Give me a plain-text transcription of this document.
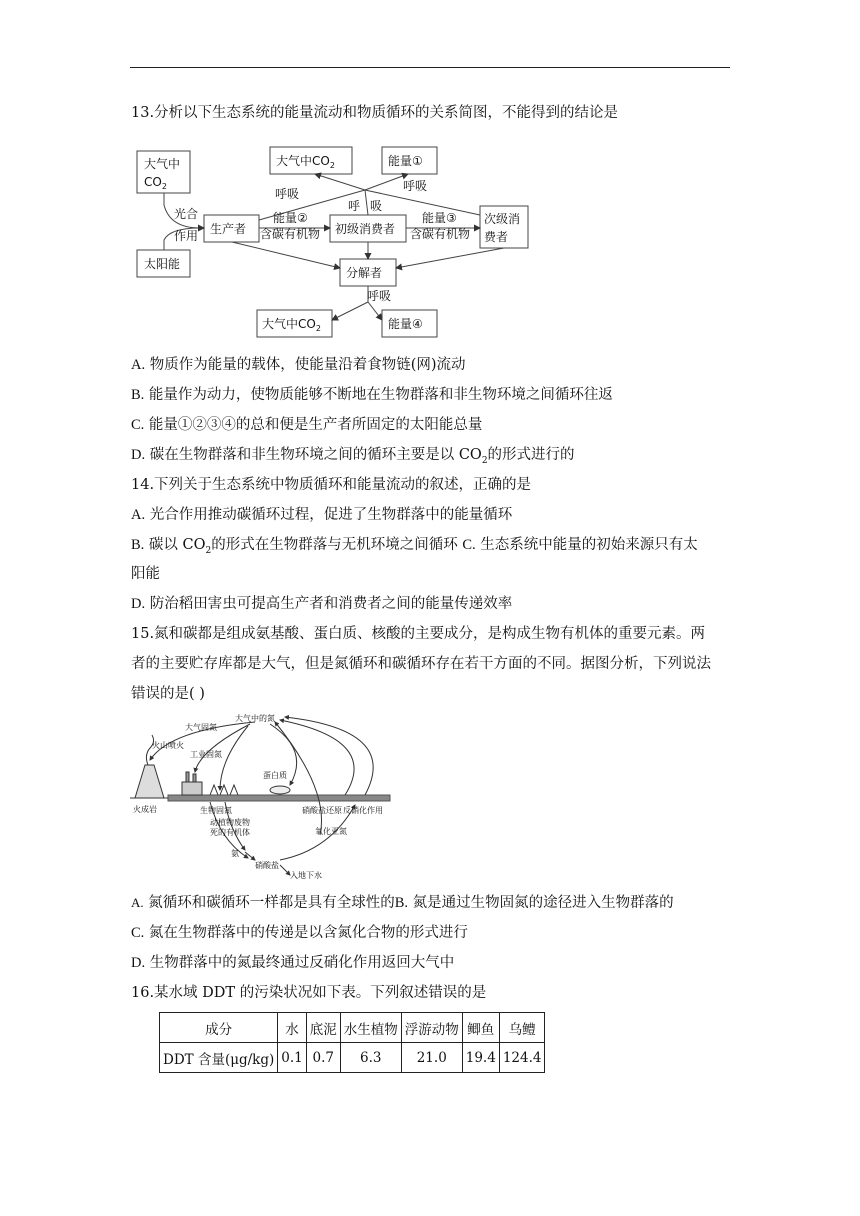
13.分析以下生态系统的能量流动和物质循环的关系简图，不能得到的结论是
大气中
$CO_2$
大气中$CO_2$	能量①
光合
作用
太阳能
生产者
呼吸
呼 吸
呼吸
能量②
含碳有机物 初级消费者
能量③
含碳有机物
次级消
费者
分解者
呼吸
大气中$CO_2$	能量④
A. 物质作为能量的载体，使能量沿着食物链(网)流动
B. 能量作为动力，使物质能够不断地在生物群落和非生物环境之间循环往返
C. 能量①②③④的总和便是生产者所固定的太阳能总量
D. 碳在生物群落和非生物环境之间的循环主要是以 $CO_2$的形式进行的
14.下列关于生态系统中物质循环和能量流动的叙述，正确的是
A. 光合作用推动碳循环过程，促进了生物群落中的能量循环
B. 碳以 $CO_2$的形式在生物群落与无机环境之间循环 C. 生态系统中能量的初始来源只有太
阳能
D. 防治稻田害虫可提高生产者和消费者之间的能量传递效率
15.氮和碳都是组成氨基酸、蛋白质、核酸的主要成分，是构成生物有机体的重要元素。两
者的主要贮存库都是大气，但是氮循环和碳循环存在若干方面的不同。据图分析，下列说法
错误的是( )
大气中的氮
大气固氮
火山喷火
工业固氮
蛋白质
生物固氮
动植物废物
死的有机体
氨
硝酸盐还原 反硝化作用
氧化亚氮
硝酸盐
入地下水
火成岩
A. 氮循环和碳循环一样都是具有全球性的B. 氮是通过生物固氮的途径进入生物群落的
C. 氮在生物群落中的传递是以含氮化合物的形式进行
D. 生物群落中的氮最终通过反硝化作用返回大气中
16.某水域 DDT 的污染状况如下表。下列叙述错误的是
成分	水	底泥	水生植物	浮游动物	鲫鱼	乌鳢
DDT 含量(μg/kg)	0.1	0.7	6.3	21.0	19.4	124.4
